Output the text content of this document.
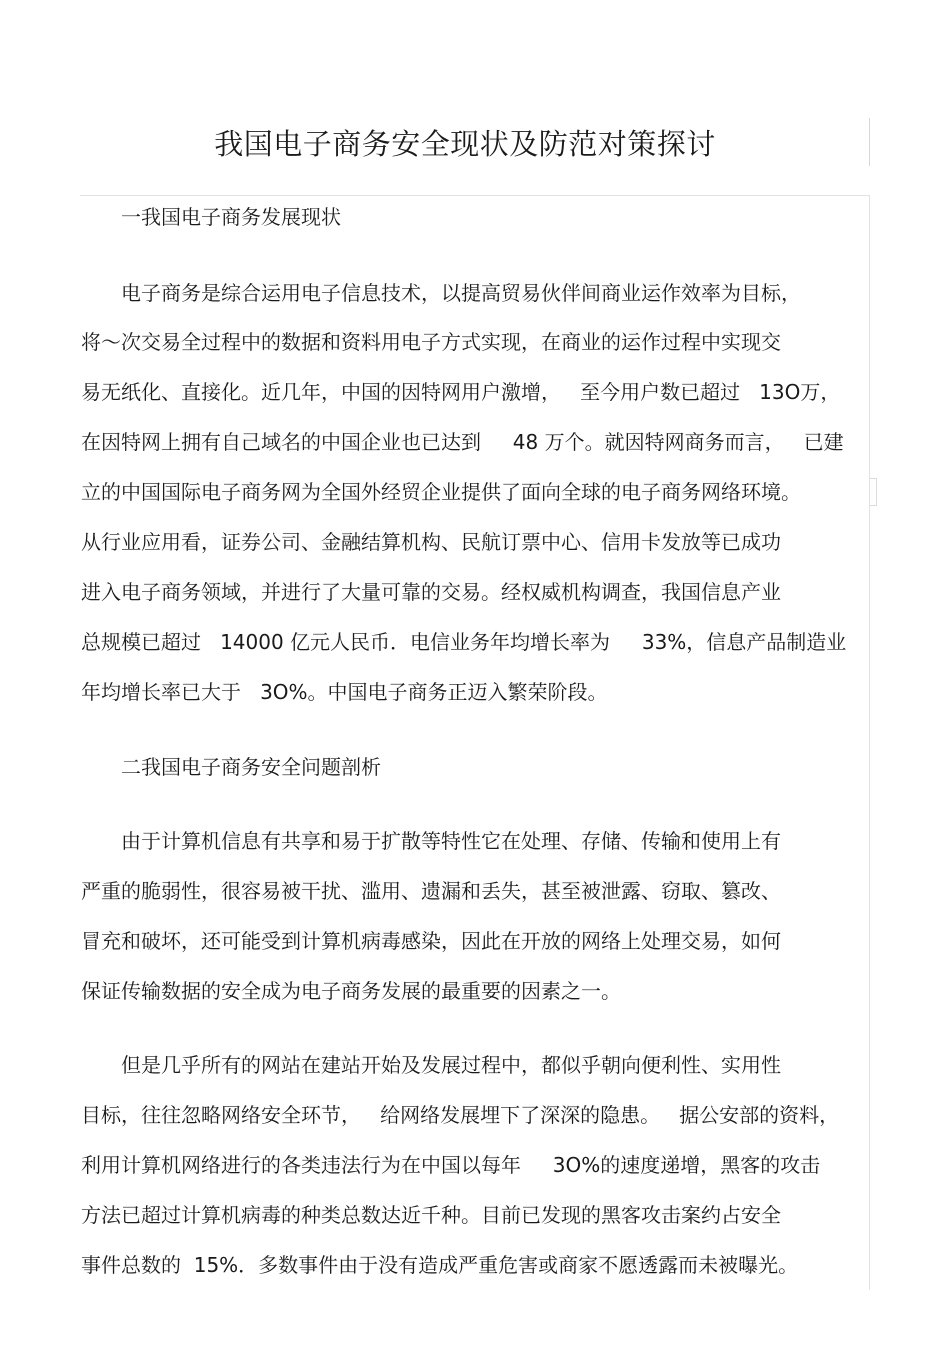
我国电子商务安全现状及防范对策探讨
一我国电子商务发展现状
电子商务是综合运用电子信息技术，以提高贸易伙伴间商业运作效率为目标，
将～次交易全过程中的数据和资料用电子方式实现，在商业的运作过程中实现交
易无纸化、直接化。近几年，中国的因特网用户激增，   至今用户数已超过   13O万，
在因特网上拥有自己域名的中国企业也已达到     48 万个。就因特网商务而言，   已建
立的中国国际电子商务网为全国外经贸企业提供了面向全球的电子商务网络环境。
从行业应用看，证券公司、金融结算机构、民航订票中心、信用卡发放等已成功
进入电子商务领域，并进行了大量可靠的交易。经权威机构调查，我国信息产业
总规模已超过   14000 亿元人民币．电信业务年均增长率为     33%，信息产品制造业
年均增长率已大于   3O%。中国电子商务正迈入繁荣阶段。
二我国电子商务安全问题剖析
由于计算机信息有共享和易于扩散等特性它在处理、存储、传输和使用上有
严重的脆弱性，很容易被干扰、滥用、遗漏和丢失，甚至被泄露、窃取、篡改、
冒充和破坏，还可能受到计算机病毒感染，因此在开放的网络上处理交易，如何
保证传输数据的安全成为电子商务发展的最重要的因素之一。
但是几乎所有的网站在建站开始及发展过程中，都似乎朝向便利性、实用性
目标，往往忽略网络安全环节，   给网络发展埋下了深深的隐患。   据公安部的资料，
利用计算机网络进行的各类违法行为在中国以每年     3O%的速度递增，黑客的攻击
方法已超过计算机病毒的种类总数达近千种。目前已发现的黑客攻击案约占安全
事件总数的  15%．多数事件由于没有造成严重危害或商家不愿透露而未被曝光。
